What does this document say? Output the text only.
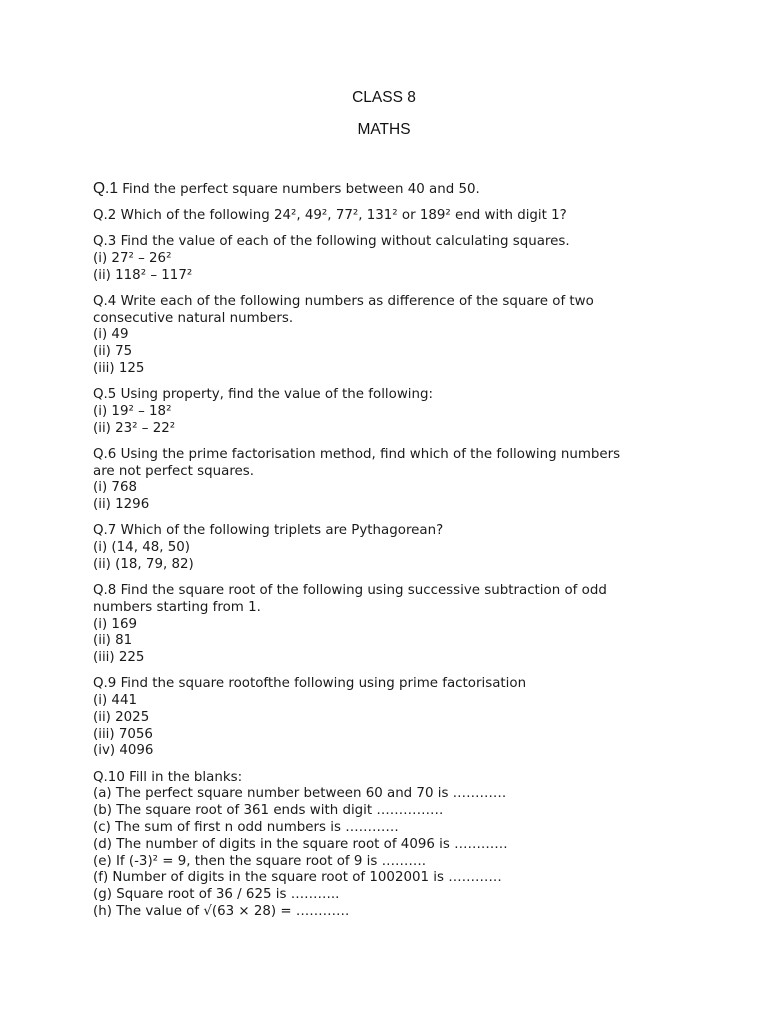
CLASS 8
MATHS
Q.1 Find the perfect square numbers between 40 and 50.
Q.2 Which of the following 24², 49², 77², 131² or 189² end with digit 1?
Q.3 Find the value of each of the following without calculating squares.
(i) 27² – 26²
(ii) 118² – 117²
Q.4 Write each of the following numbers as difference of the square of two
consecutive natural numbers.
(i) 49
(ii) 75
(iii) 125
Q.5 Using property, find the value of the following:
(i) 19² – 18²
(ii) 23² – 22²
Q.6 Using the prime factorisation method, find which of the following numbers
are not perfect squares.
(i) 768
(ii) 1296
Q.7 Which of the following triplets are Pythagorean?
(i) (14, 48, 50)
(ii) (18, 79, 82)
Q.8 Find the square root of the following using successive subtraction of odd
numbers starting from 1.
(i) 169
(ii) 81
(iii) 225
Q.9 Find the square rootofthe following using prime factorisation
(i) 441
(ii) 2025
(iii) 7056
(iv) 4096
Q.10 Fill in the blanks:
(a) The perfect square number between 60 and 70 is …………
(b) The square root of 361 ends with digit ……………
(c) The sum of first n odd numbers is …………
(d) The number of digits in the square root of 4096 is …………
(e) If (-3)² = 9, then the square root of 9 is ……….
(f) Number of digits in the square root of 1002001 is …………
(g) Square root of 36 / 625 is ………..
(h) The value of √(63 × 28) = …………
